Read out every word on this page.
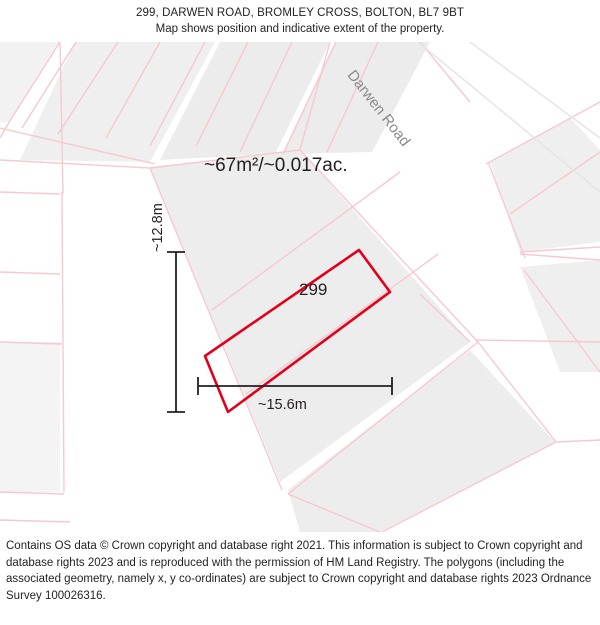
299, DARWEN ROAD, BROMLEY CROSS, BOLTON, BL7 9BT
Map shows position and indicative extent of the property.
~67m²/~0.017ac.
299
Darwen Road
~12.8m
~15.6m
Contains OS data © Crown copyright and database right 2021. This information is subject to Crown copyright and database rights 2023 and is reproduced with the permission of HM Land Registry. The polygons (including the associated geometry, namely x, y co-ordinates) are subject to Crown copyright and database rights 2023 Ordnance Survey 100026316.
